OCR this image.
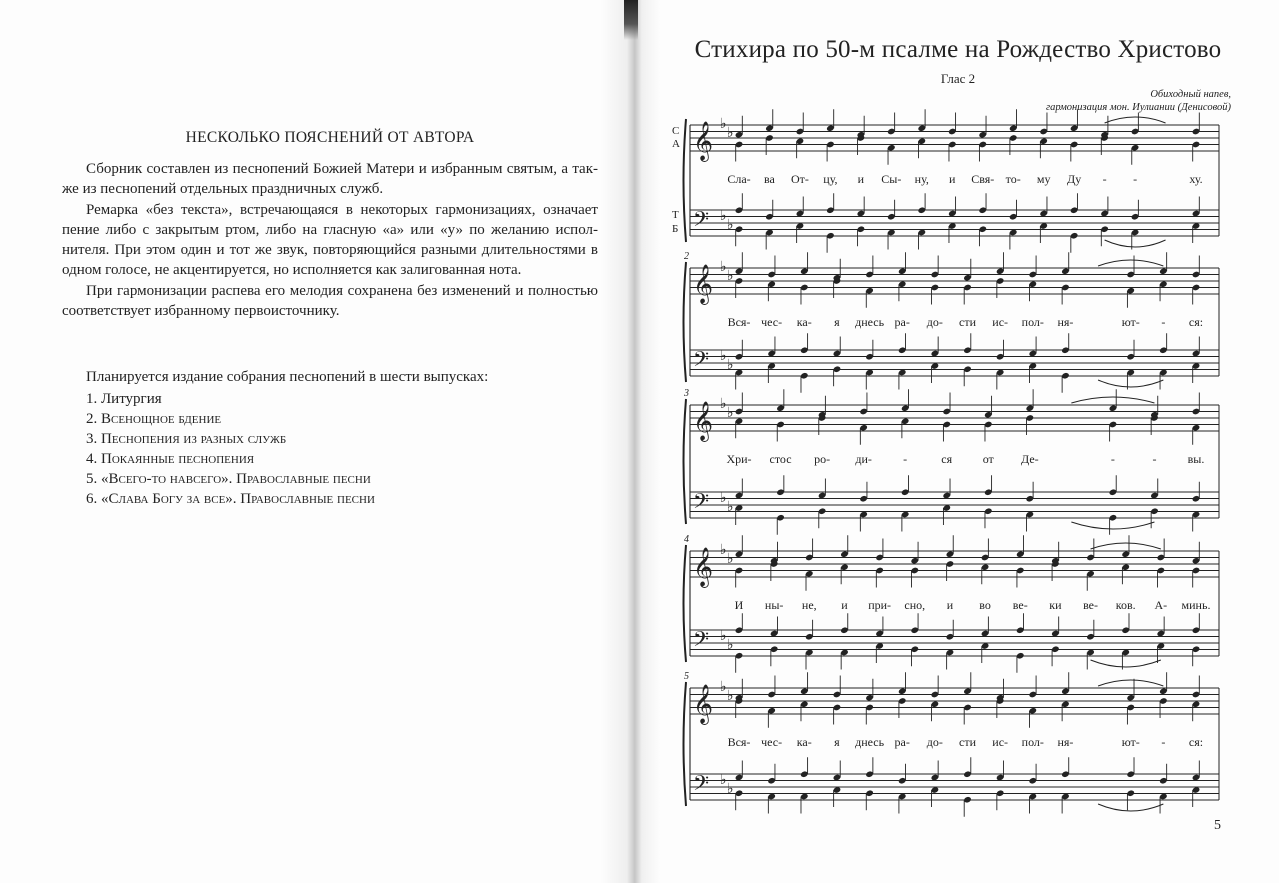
НЕСКОЛЬКО ПОЯСНЕНИЙ ОТ АВТОРА

Сборник составлен из песнопений Божией Матери и избранным святым, а также из песнопений отдельных праздничных служб.

Ремарка «без текста», встречающаяся в некоторых гармонизациях, означает пение либо с закрытым ртом, либо на гласную «а» или «у» по желанию исполнителя. При этом один и тот же звук, повторяющийся разными длительностями в одном голосе, не акцентируется, но исполняется как залигованная нота.

При гармонизации распева его мелодия сохранена без изменений и полностью соответствует избранному первоисточнику.

Планируется издание собрания песнопений в шести выпусках:

1. Литургия
2. Всенощное бдение
3. Песнопения из разных служб
4. Покаянные песнопения
5. «Всего-то навсего». Православные песни
6. «Слава Богу за все». Православные песни
Стихира по 50-м псалме на Рождество Христово
Глас 2
Обиходный напев,
гармонизация мон. Иулиании (Денисовой)
𝄞 ♭
♭
𝄢 ♭
♭
Сла- ва От- цу, и Сы- ну, и Свя- то- му Ду - -	ху.
𝄞 ♭
♭
𝄢 ♭
♭
2
Вся- чес- ка- я днесь ра- до- сти ис- пол- ня-	ют- - ся:
𝄞 ♭
♭
𝄢 ♭
♭
3
Хри- стос ро- ди-	-	ся	от Де-	-	-	вы.
𝄞 ♭
♭
𝄢 ♭
♭
4
И ны- не, и при- сно, и во ве- ки ве- ков. А- минь.
𝄞 ♭
♭
𝄢 ♭
♭
5
Вся- чес- ка- я днесь ра- до- сти ис- пол- ня-	ют- - ся:
С
А
Т
Б
5
